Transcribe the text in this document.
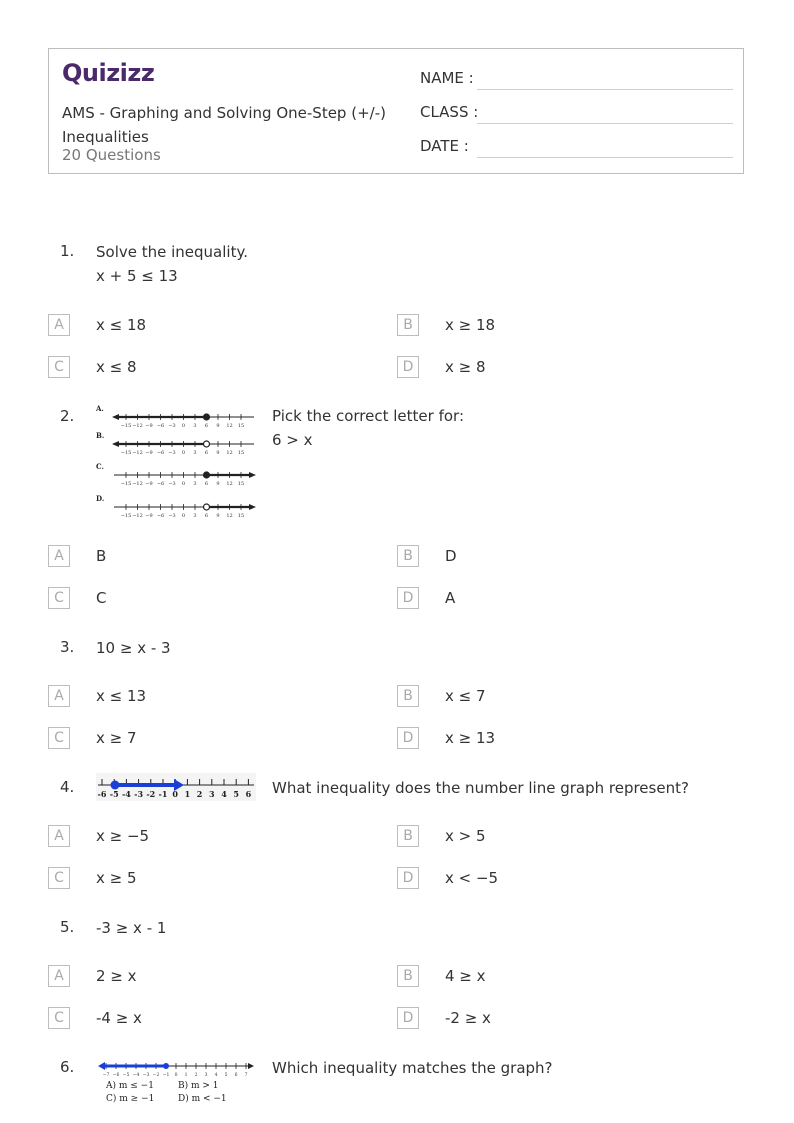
Quizizz
AMS - Graphing and Solving One-Step (+/-) Inequalities
20 Questions
NAME :
CLASS :
DATE :
1. Solve the inequality.
x + 5 ≤ 13
A	x ≤ 18	B	x ≥ 18
C	x ≤ 8	D	x ≥ 8
2.	A.
−15 −12 −9 −6 −3 0 3 6 9 12 15
B.
−15 −12 −9 −6 −3 0 3 6 9 12 15
C.
−15 −12 −9 −6 −3 0 3 6 9 12 15
D.
−15 −12 −9 −6 −3 0 3 6 9 12 15
Pick the correct letter for:
6 > x
A	B	B	D
C	C	D	A
3. 10 ≥ x - 3
A	x ≤ 13	B	x ≤ 7
C	x ≥ 7	D	x ≥ 13
4.	-6 -5 -4 -3 -2 -1 0 1 2 3 4 5 6 What inequality does the number line graph represent?
A	x ≥ −5	B	x > 5
C	x ≥ 5	D	x < −5
5. -3 ≥ x - 1
A	2 ≥ x	B	4 ≥ x
C	-4 ≥ x	D	-2 ≥ x
6.	−7 −6 −5 −4 −3 −2 −1 0 1 2 3 4 5 6 7
A) m ≤ −1	B) m > 1
C) m ≥ −1	D) m < −1
Which inequality matches the graph?
